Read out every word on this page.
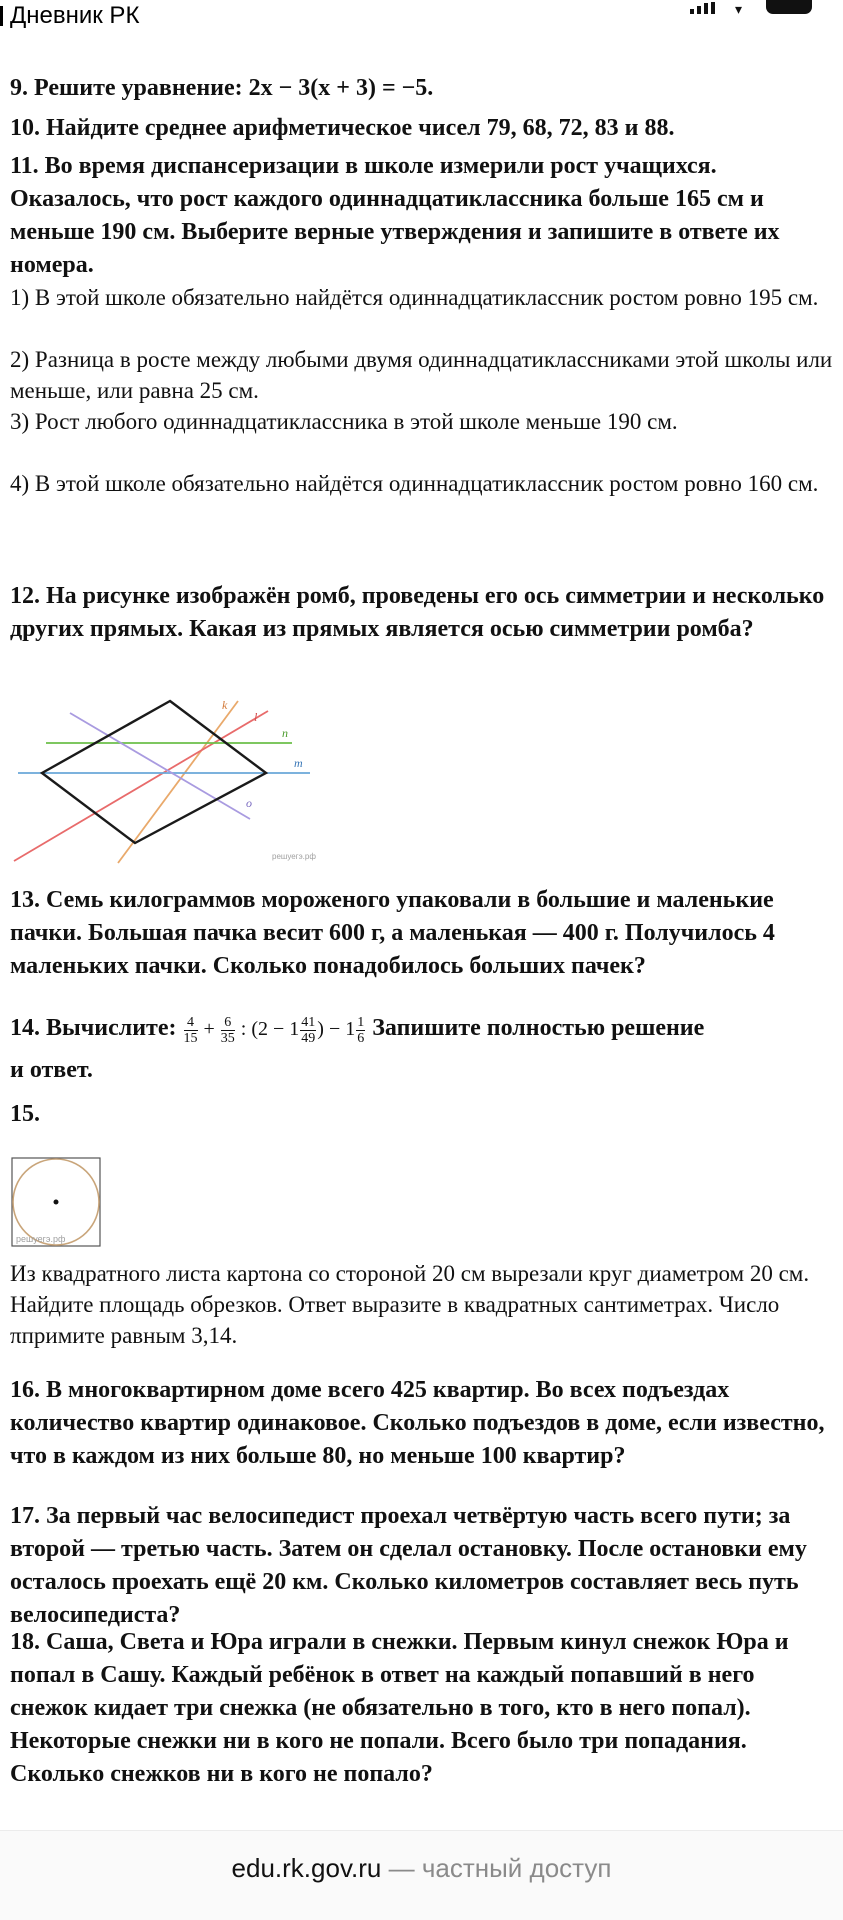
Дневник РК	▾
9. Решите уравнение: 2x − 3(x + 3) = −5.
10. Найдите среднее арифметическое чисел 79, 68, 72, 83 и 88.
11. Во время диспансеризации в школе измерили рост учащихся. Оказалось, что рост каждого одиннадцатиклассника больше 165 см и меньше 190 см. Выберите верные утверждения и запишите в ответе их номера.
1) В этой школе обязательно найдётся одиннадцатиклассник ростом ровно 195 см.
2) Разница в росте между любыми двумя одиннадцатиклассниками этой школы или меньше, или равна 25 см.
3) Рост любого одиннадцатиклассника в этой школе меньше 190 см.
4) В этой школе обязательно найдётся одиннадцатиклассник ростом ровно 160 см.
12. На рисунке изображён ромб, проведены его ось симметрии и несколько других прямых. Какая из прямых является осью симметрии ромба?
13. Семь килограммов мороженого упаковали в большие и маленькие пачки. Большая пачка весит 600 г, а маленькая — 400 г. Получилось 4 маленьких пачки. Сколько понадобилось больших пачек?
14. Вычислите: $\frac{4}{15} + \frac{6}{35}$ : ($2 - 1 \frac{41}{49}$ ) − $1 \frac{1}{6}$ Запишите полностью решение
и ответ.
15.
Из квадратного листа картона со стороной 20 см вырезали круг диаметром 20 см. Найдите площадь обрезков. Ответ выразите в квадратных сантиметрах. Число πпримите равным 3,14.
16. В многоквартирном доме всего 425 квартир. Во всех подъездах количество квартир одинаковое. Сколько подъездов в доме, если известно, что в каждом из них больше 80, но меньше 100 квартир?
17. За первый час велосипедист проехал четвёртую часть всего пути; за второй — третью часть. Затем он сделал остановку. После остановки ему осталось проехать ещё 20 км. Сколько километров составляет весь путь велосипедиста?
18. Саша, Света и Юра играли в снежки. Первым кинул снежок Юра и попал в Сашу. Каждый ребёнок в ответ на каждый попавший в него снежок кидает три снежка (не обязательно в того, кто в него попал). Некоторые снежки ни в кого не попали. Всего было три попадания. Сколько снежков ни в кого не попало?
k
l
n
m
o
решуегэ.рф
решуегэ.рф
edu.rk.gov.ru — частный доступ
